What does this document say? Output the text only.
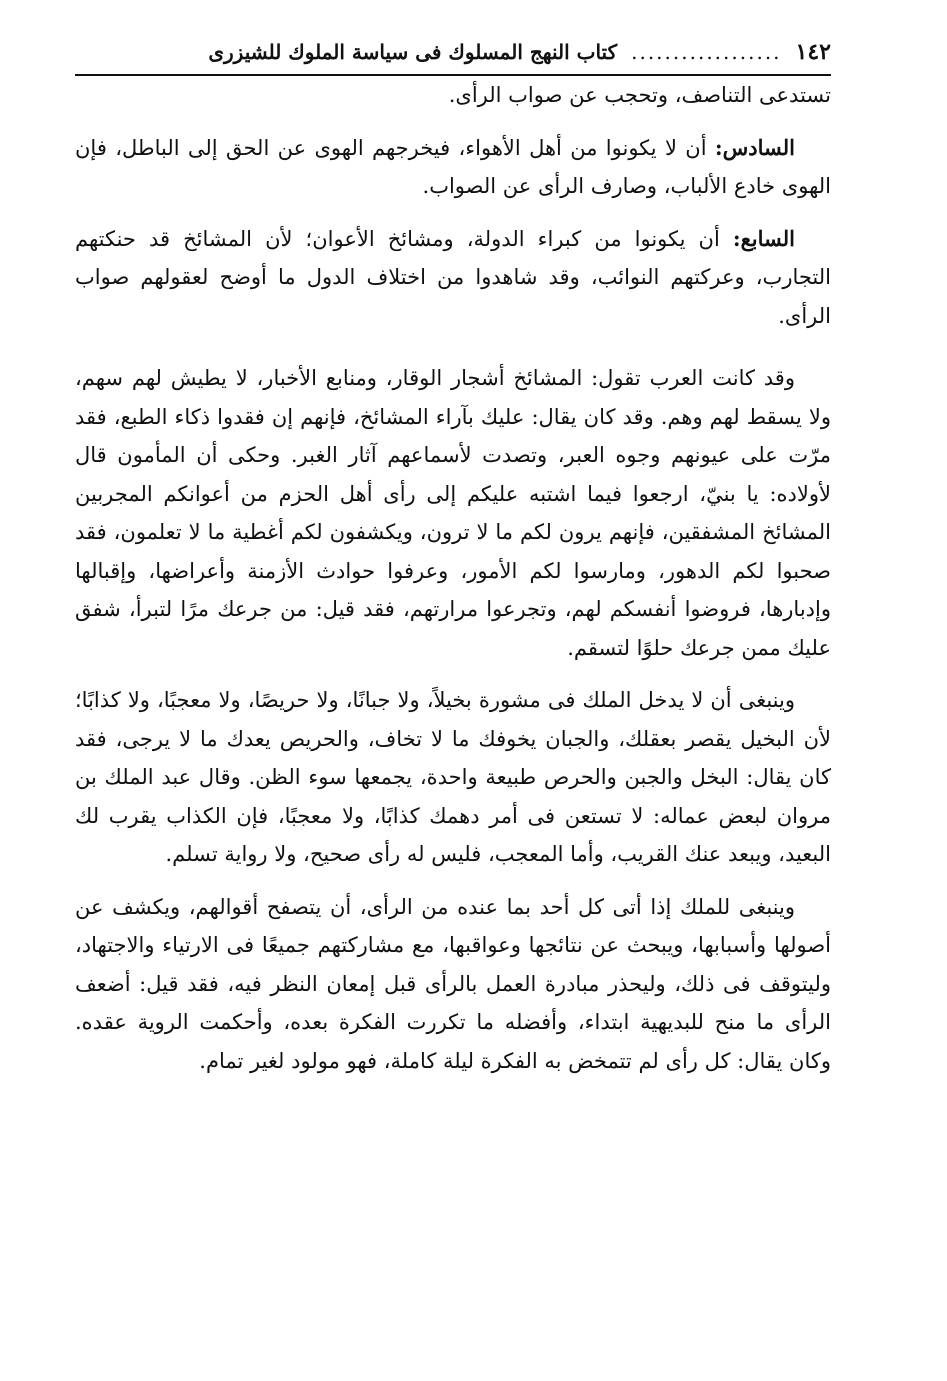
١٤٢
..................
كتاب النهج المسلوك فى سياسة الملوك للشيزرى

تستدعى التناصف، وتحجب عن صواب الرأى.

السادس: أن لا يكونوا من أهل الأهواء، فيخرجهم الهوى عن الحق إلى الباطل، فإن الهوى خادع الألباب، وصارف الرأى عن الصواب.

السابع: أن يكونوا من كبراء الدولة، ومشائخ الأعوان؛ لأن المشائخ قد حنكتهم التجارب، وعركتهم النوائب، وقد شاهدوا من اختلاف الدول ما أوضح لعقولهم صواب الرأى.

وقد كانت العرب تقول: المشائخ أشجار الوقار، ومنابع الأخبار، لا يطيش لهم سهم، ولا يسقط لهم وهم. وقد كان يقال: عليك بآراء المشائخ، فإنهم إن فقدوا ذكاء الطبع، فقد مرّت على عيونهم وجوه العبر، وتصدت لأسماعهم آثار الغبر. وحكى أن المأمون قال لأولاده: يا بنيّ، ارجعوا فيما اشتبه عليكم إلى رأى أهل الحزم من أعوانكم المجربين المشائخ المشفقين، فإنهم يرون لكم ما لا ترون، ويكشفون لكم أغطية ما لا تعلمون، فقد صحبوا لكم الدهور، ومارسوا لكم الأمور، وعرفوا حوادث الأزمنة وأعراضها، وإقبالها وإدبارها، فروضوا أنفسكم لهم، وتجرعوا مرارتهم، فقد قيل: من جرعك مرًا لتبرأ، شفق عليك ممن جرعك حلوًا لتسقم.

وينبغى أن لا يدخل الملك فى مشورة بخيلاً، ولا جبانًا، ولا حريصًا، ولا معجبًا، ولا كذابًا؛ لأن البخيل يقصر بعقلك، والجبان يخوفك ما لا تخاف، والحريص يعدك ما لا يرجى، فقد كان يقال: البخل والجبن والحرص طبيعة واحدة، يجمعها سوء الظن. وقال عبد الملك بن مروان لبعض عماله: لا تستعن فى أمر دهمك كذابًا، ولا معجبًا، فإن الكذاب يقرب لك البعيد، ويبعد عنك القريب، وأما المعجب، فليس له رأى صحيح، ولا رواية تسلم.

وينبغى للملك إذا أتى كل أحد بما عنده من الرأى، أن يتصفح أقوالهم، ويكشف عن أصولها وأسبابها، ويبحث عن نتائجها وعواقبها، مع مشاركتهم جميعًا فى الارتياء والاجتهاد، وليتوقف فى ذلك، وليحذر مبادرة العمل بالرأى قبل إمعان النظر فيه، فقد قيل: أضعف الرأى ما منح للبديهية ابتداء، وأفضله ما تكررت الفكرة بعده، وأحكمت الروية عقده. وكان يقال: كل رأى لم تتمخض به الفكرة ليلة كاملة، فهو مولود لغير تمام.
